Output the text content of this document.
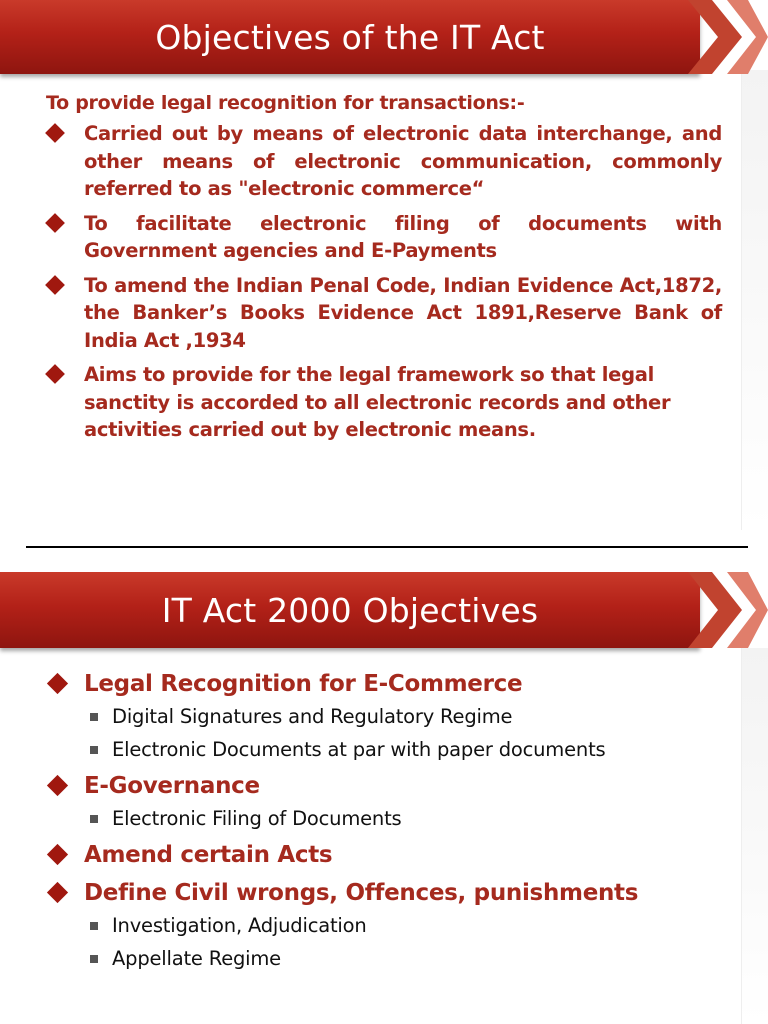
Objectives of the IT Act

To provide legal recognition for transactions:-

Carried out by means of electronic data interchange, and other means of electronic communication, commonly referred to as "electronic commerce“
To facilitate electronic filing of documents with Government agencies and E-Payments
To amend the Indian Penal Code, Indian Evidence Act,1872, the Banker’s Books Evidence Act 1891,Reserve Bank of India Act ,1934
Aims to provide for the legal framework so that legal sanctity is accorded to all electronic records and other activities carried out by electronic means.
IT Act 2000 Objectives
Legal Recognition for E-Commerce
Digital Signatures and Regulatory Regime
Electronic Documents at par with paper documents
E-Governance
Electronic Filing of Documents
Amend certain Acts
Define Civil wrongs, Offences, punishments
Investigation, Adjudication
Appellate Regime
